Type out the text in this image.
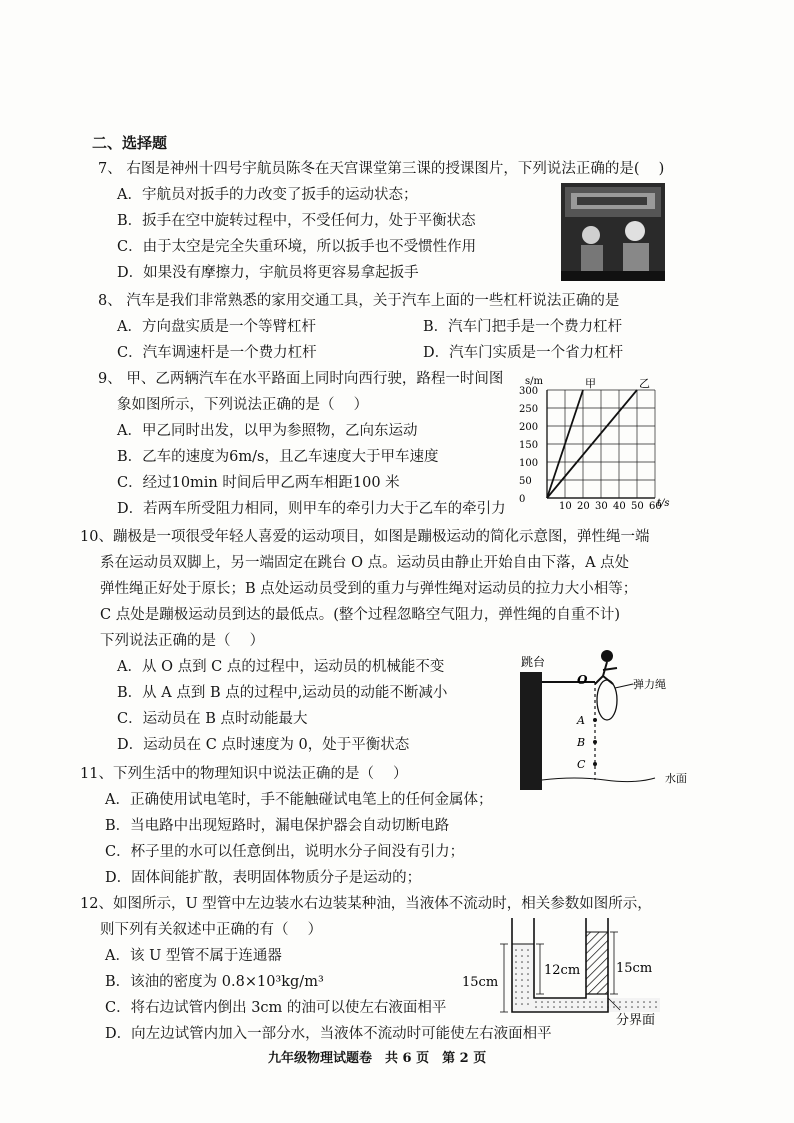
二、选择题
7、 右图是神州十四号宇航员陈冬在天宫课堂第三课的授课图片，下列说法正确的是(　 )
A．宇航员对扳手的力改变了扳手的运动状态；
B．扳手在空中旋转过程中，不受任何力，处于平衡状态
C．由于太空是完全失重环境，所以扳手也不受惯性作用
D．如果没有摩擦力，宇航员将更容易拿起扳手
8、 汽车是我们非常熟悉的家用交通工具，关于汽车上面的一些杠杆说法正确的是
A．方向盘实质是一个等臂杠杆	B．汽车门把手是一个费力杠杆
C．汽车调速杆是一个费力杠杆	D．汽车门实质是一个省力杠杆
9、 甲、乙两辆汽车在水平路面上同时向西行驶，路程一时间图
象如图所示，下列说法正确的是（　 ）
A．甲乙同时出发，以甲为参照物，乙向东运动
B．乙车的速度为6m/s，且乙车速度大于甲车速度
C．经过10min 时间后甲乙两车相距100 米
D．若两车所受阻力相同，则甲车的牵引力大于乙车的牵引力
s/m
t/s
300
250
200
150
100
50
0
10 20 30 40 50 60
甲	乙
10、蹦极是一项很受年轻人喜爱的运动项目，如图是蹦极运动的简化示意图，弹性绳一端
系在运动员双脚上，另一端固定在跳台 O 点。运动员由静止开始自由下落，A 点处
弹性绳正好处于原长；B 点处运动员受到的重力与弹性绳对运动员的拉力大小相等；
C 点处是蹦极运动员到达的最低点。(整个过程忽略空气阻力，弹性绳的自重不计)
下列说法正确的是（　 ）
A．从 O 点到 C 点的过程中，运动员的机械能不变
B．从 A 点到 B 点的过程中,运动员的动能不断减小
C．运动员在 B 点时动能最大
D．运动员在 C 点时速度为 0，处于平衡状态
跳台
弹力绳
O
A
B
C
水面
11、下列生活中的物理知识中说法正确的是（　 ）
A．正确使用试电笔时，手不能触碰试电笔上的任何金属体；
B．当电路中出现短路时，漏电保护器会自动切断电路
C．杯子里的水可以任意倒出，说明水分子间没有引力；
D．固体间能扩散，表明固体物质分子是运动的；
12、如图所示，U 型管中左边装水右边装某种油，当液体不流动时，相关参数如图所示，
则下列有关叙述中正确的有（　 ）
A．该 U 型管不属于连通器
B．该油的密度为 0.8×10³kg/m³
C．将右边试管内倒出 3cm 的油可以使左右液面相平
D．向左边试管内加入一部分水，当液体不流动时可能使左右液面相平
15cm
12cm	15cm
分界面
九年级物理试题卷　共 6 页　第 2 页
